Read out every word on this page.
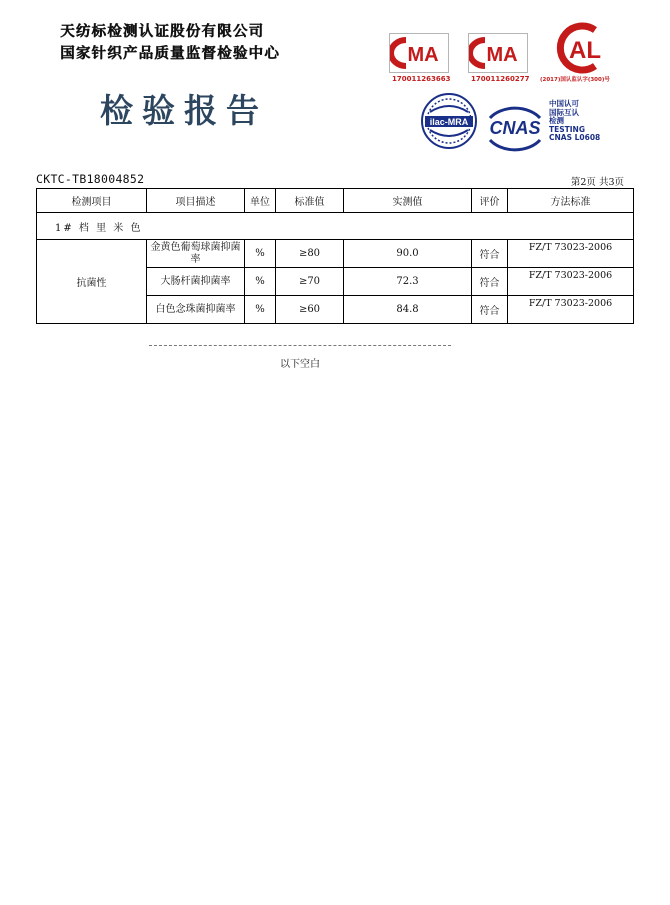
天纺标检测认证股份有限公司
国家针织产品质量监督检验中心
检验报告
MA
170011263663
MA
170011260277
AL
(2017)国认监认字(300)号
ilac-MRA CNAS
中国认可
国际互认
检测
TESTING
CNAS L0608
CKTC-TB18004852	第2页 共3页
检测项目	项目描述	单位	标准值	实测值	评价	方法标准
1# 档 里 米 色						
抗菌性	金黄色葡萄球菌抑菌率	%	≥80	90.0	符合	FZ/T 73023-2006
	大肠杆菌抑菌率	%	≥70	72.3	符合	FZ/T 73023-2006
	白色念珠菌抑菌率	%	≥60	84.8	符合	FZ/T 73023-2006
以下空白
